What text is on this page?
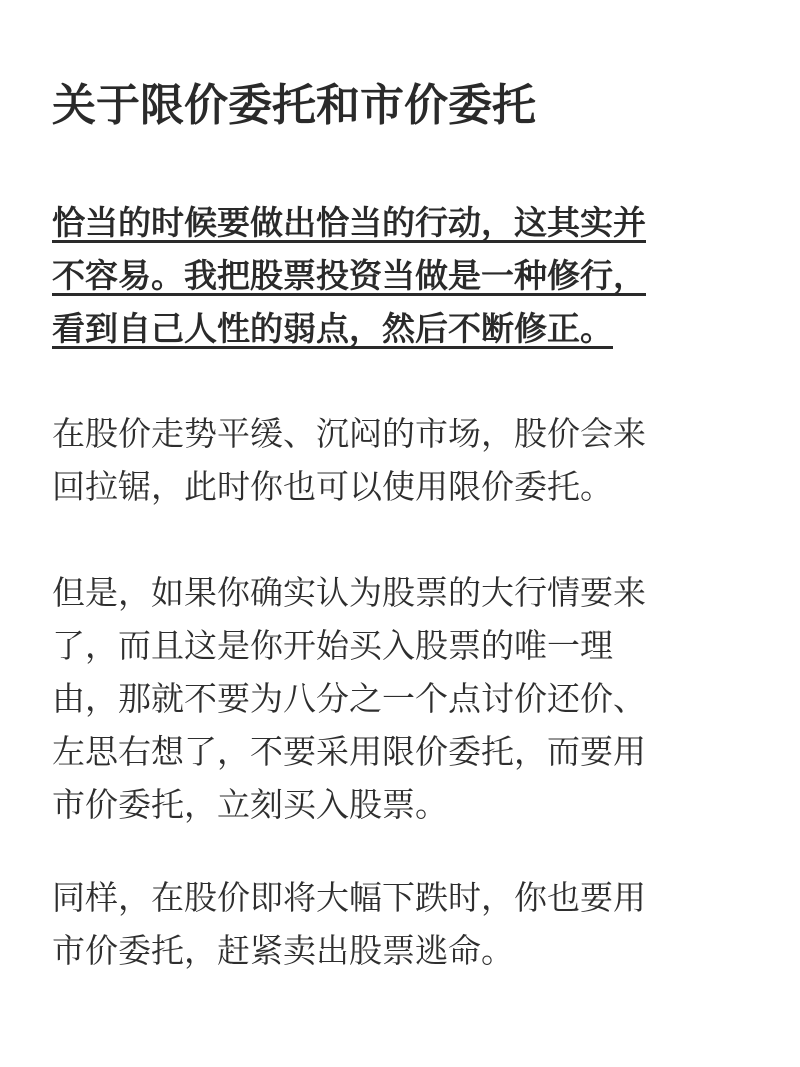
关于限价委托和市价委托
恰当的时候要做出恰当的行动，这其实并
不容易。我把股票投资当做是一种修行，
看到自己人性的弱点，然后不断修正。
在股价走势平缓、沉闷的市场，股价会来
回拉锯，此时你也可以使用限价委托。
但是，如果你确实认为股票的大行情要来
了，而且这是你开始买入股票的唯一理
由，那就不要为八分之一个点讨价还价、
左思右想了，不要采用限价委托，而要用
市价委托，立刻买入股票。
同样，在股价即将大幅下跌时，你也要用
市价委托，赶紧卖出股票逃命。
